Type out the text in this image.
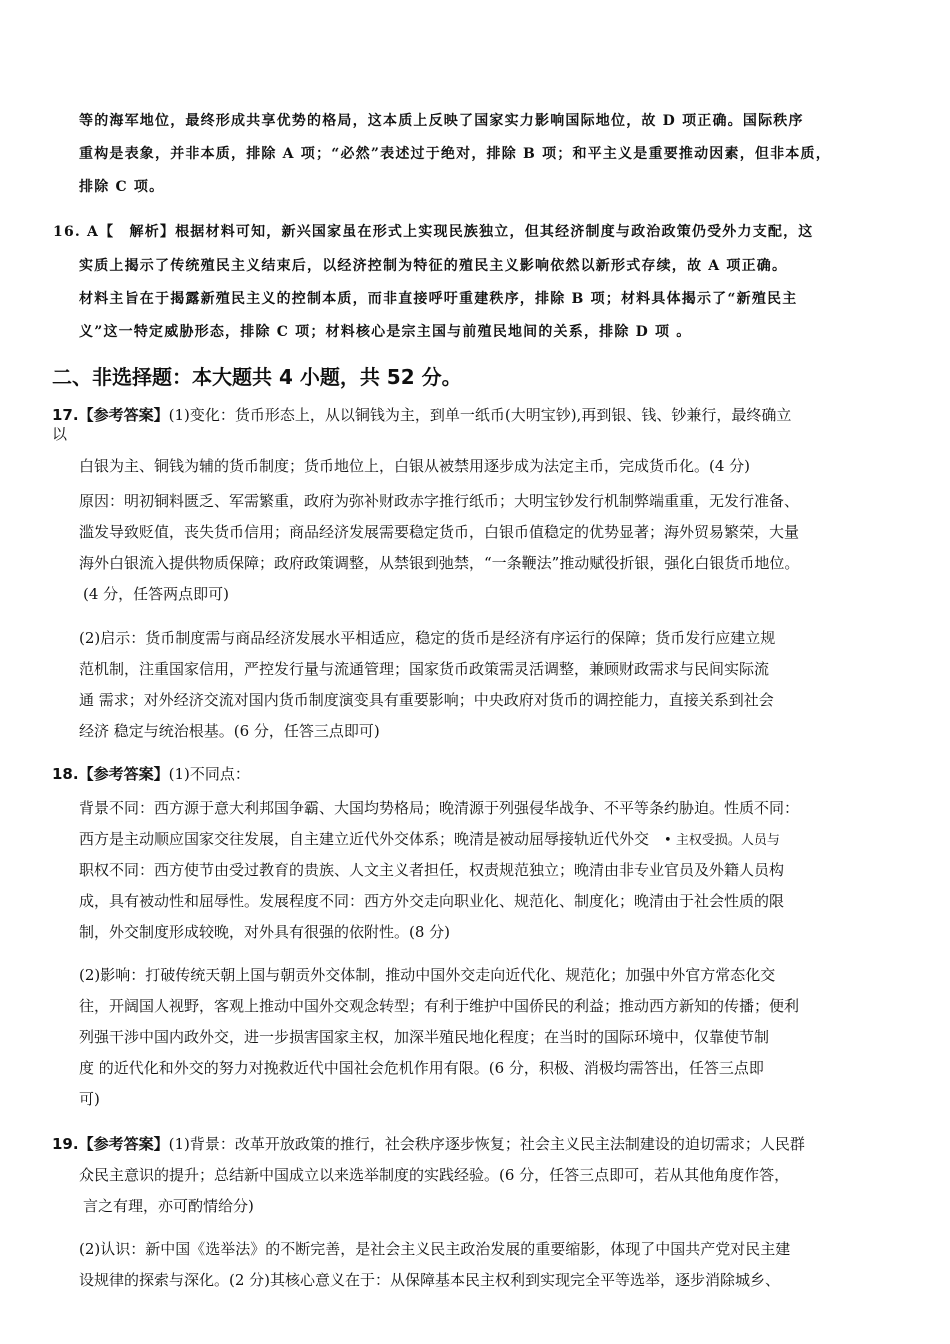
等的海军地位，最终形成共享优势的格局，这本质上反映了国家实力影响国际地位，故 D 项正确。国际秩序
重构是表象，并非本质，排除 A 项；“必然”表述过于绝对，排除 B 项；和平主义是重要推动因素，但非本质，
排除 C 项。
16. A【　解析】根据材料可知，新兴国家虽在形式上实现民族独立，但其经济制度与政治政策仍受外力支配，这
实质上揭示了传统殖民主义结束后，以经济控制为特征的殖民主义影响依然以新形式存续，故 A 项正确。
材料主旨在于揭露新殖民主义的控制本质，而非直接呼吁重建秩序，排除 B 项；材料具体揭示了“新殖民主
义”这一特定威胁形态，排除 C 项；材料核心是宗主国与前殖民地间的关系，排除 D 项 。
二、非选择题：本大题共 4 小题，共 52 分。
17.【参考答案】(1)变化：货币形态上，从以铜钱为主，到单一纸币(大明宝钞),再到银、钱、钞兼行，最终确立
以
白银为主、铜钱为辅的货币制度；货币地位上，白银从被禁用逐步成为法定主币，完成货币化。(4 分)
原因：明初铜料匮乏、军需繁重，政府为弥补财政赤字推行纸币；大明宝钞发行机制弊端重重，无发行准备、
滥发导致贬值，丧失货币信用；商品经济发展需要稳定货币，白银币值稳定的优势显著；海外贸易繁荣，大量
海外白银流入提供物质保障；政府政策调整，从禁银到弛禁，“一条鞭法”推动赋役折银，强化白银货币地位。
(4 分，任答两点即可)
(2)启示：货币制度需与商品经济发展水平相适应，稳定的货币是经济有序运行的保障；货币发行应建立规
范机制，注重国家信用，严控发行量与流通管理；国家货币政策需灵活调整，兼顾财政需求与民间实际流
通 需求；对外经济交流对国内货币制度演变具有重要影响；中央政府对货币的调控能力，直接关系到社会
经济 稳定与统治根基。(6 分，任答三点即可)
18.【参考答案】(1)不同点：
背景不同：西方源于意大利邦国争霸、大国均势格局；晚清源于列强侵华战争、不平等条约胁迫。性质不同：
西方是主动顺应国家交往发展，自主建立近代外交体系；晚清是被动屈辱接轨近代外交　• 主权受损。人员与
职权不同：西方使节由受过教育的贵族、人文主义者担任，权责规范独立；晚清由非专业官员及外籍人员构
成，具有被动性和屈辱性。发展程度不同：西方外交走向职业化、规范化、制度化；晚清由于社会性质的限
制，外交制度形成较晚，对外具有很强的依附性。(8 分)
(2)影响：打破传统天朝上国与朝贡外交体制，推动中国外交走向近代化、规范化；加强中外官方常态化交
往，开阔国人视野，客观上推动中国外交观念转型；有利于维护中国侨民的利益；推动西方新知的传播；便利
列强干涉中国内政外交，进一步损害国家主权，加深半殖民地化程度；在当时的国际环境中，仅靠使节制
度 的近代化和外交的努力对挽救近代中国社会危机作用有限。(6 分，积极、消极均需答出，任答三点即
可)
19.【参考答案】(1)背景：改革开放政策的推行，社会秩序逐步恢复；社会主义民主法制建设的迫切需求；人民群
众民主意识的提升；总结新中国成立以来选举制度的实践经验。(6 分，任答三点即可，若从其他角度作答，
言之有理，亦可酌情给分)
(2)认识：新中国《选举法》的不断完善，是社会主义民主政治发展的重要缩影，体现了中国共产党对民主建
设规律的探索与深化。(2 分)其核心意义在于：从保障基本民主权利到实现完全平等选举，逐步消除城乡、
